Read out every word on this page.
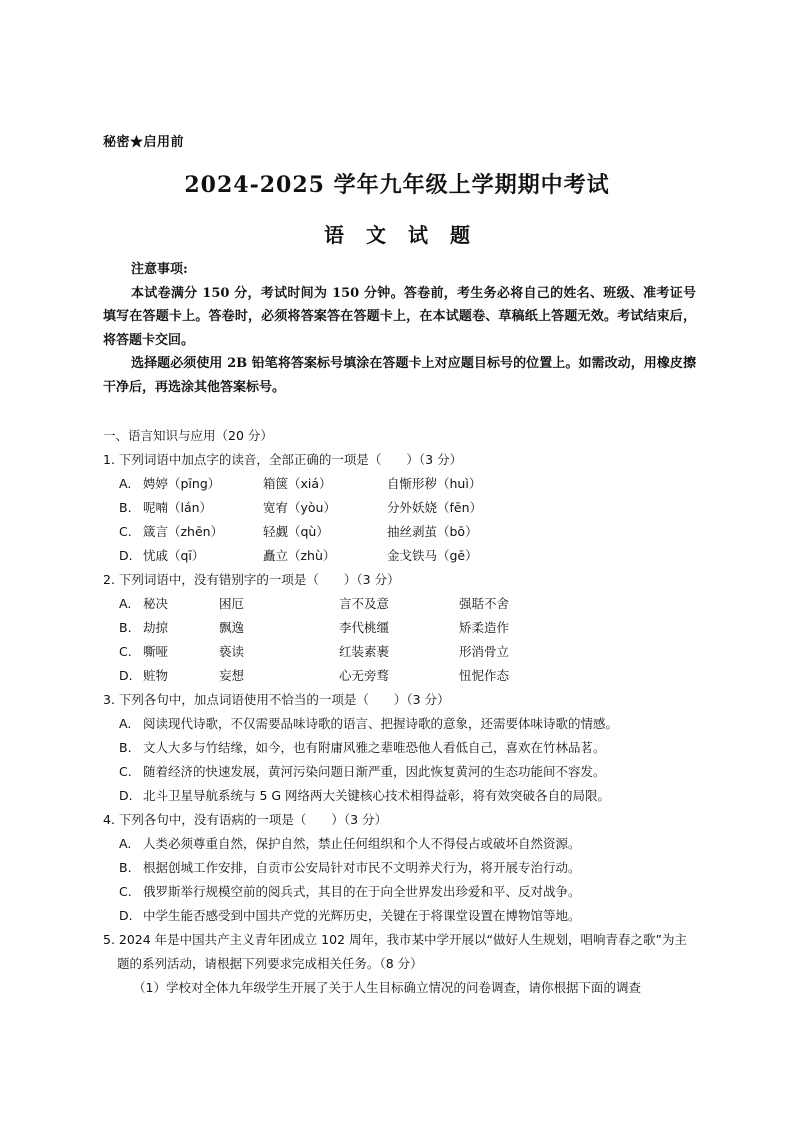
秘密★启用前
2024-2025 学年九年级上学期期中考试
语文试题
注意事项:

本试卷满分 150 分，考试时间为 150 分钟。答卷前，考生务必将自己的姓名、班级、准考证号填写在答题卡上。答卷时，必须将答案答在答题卡上，在本试题卷、草稿纸上答题无效。考试结束后，将答题卡交回。

选择题必须使用 2B 铅笔将答案标号填涂在答题卡上对应题目标号的位置上。如需改动，用橡皮擦干净后，再选涂其他答案标号。

一、语言知识与应用（20 分）

1. 下列词语中加点字的读音，全部正确的一项是（　　）（3 分）

A. 娉婷（pīng）	箱箧（xiá）	自惭形秽（huì）
B. 呢喃（lán）	宽宥（yòu）	分外妖娆（fēn）
C. 箴言（zhēn）	轻觑（qù）	抽丝剥茧（bō）
D. 忧戚（qī）	矗立（zhù）	金戈铁马（gē）

2. 下列词语中，没有错别字的一项是（　　）（3 分）

A. 秘决	困厄	言不及意	强聒不舍
B. 劫掠	飘逸	李代桃缰	矫柔造作
C. 嘶哑	亵读	红装素裹	形消骨立
D. 赃物	妄想	心无旁骛	忸怩作态

3. 下列各句中，加点词语使用不恰当的一项是（　　）（3 分）

A. 阅读现代诗歌，不仅需要品味诗歌的语言、把握诗歌的意象，还需要体味诗歌的情感。
B. 文人大多与竹结缘，如今，也有附庸风雅之辈唯恐他人看低自己，喜欢在竹林品茗。
C. 随着经济的快速发展，黄河污染问题日渐严重，因此恢复黄河的生态功能间不容发。
D. 北斗卫星导航系统与 5 G 网络两大关键核心技术相得益彰，将有效突破各自的局限。

4. 下列各句中，没有语病的一项是（　　）（3 分）

A. 人类必须尊重自然，保护自然，禁止任何组织和个人不得侵占或破坏自然资源。
B. 根据创城工作安排，自贡市公安局针对市民不文明养犬行为，将开展专治行动。
C. 俄罗斯举行规模空前的阅兵式，其目的在于向全世界发出珍爱和平、反对战争。
D. 中学生能否感受到中国共产党的光辉历史，关键在于将课堂设置在博物馆等地。

5. 2024 年是中国共产主义青年团成立 102 周年，我市某中学开展以“做好人生规划，唱响青春之歌”为主题的系列活动，请根据下列要求完成相关任务。（8 分）

（1）学校对全体九年级学生开展了关于人生目标确立情况的问卷调查，请你根据下面的调查
